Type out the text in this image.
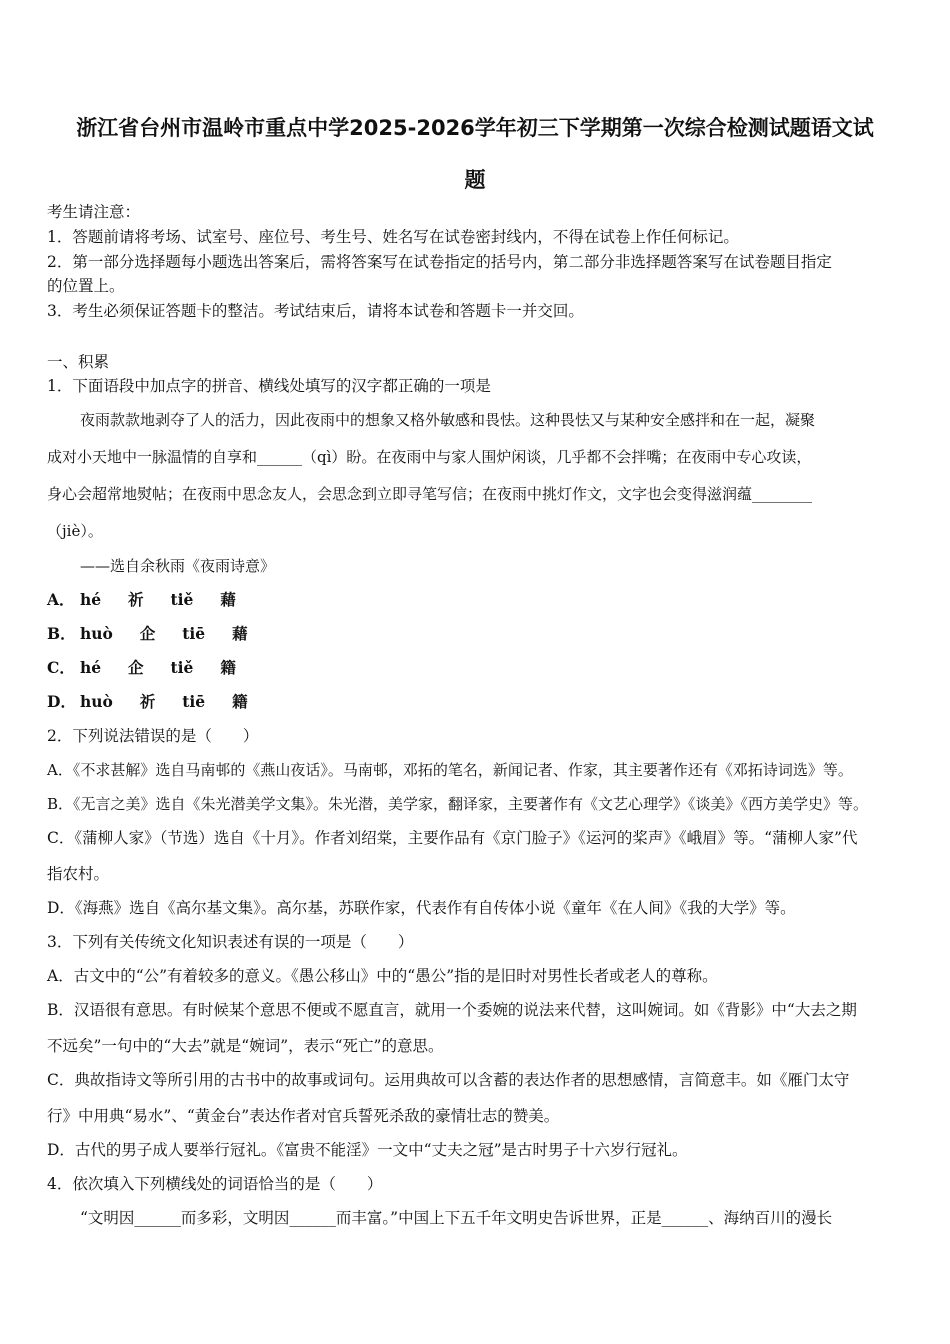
浙江省台州市温岭市重点中学2025-2026学年初三下学期第一次综合检测试题语文试
题
考生请注意：
1．答题前请将考场、试室号、座位号、考生号、姓名写在试卷密封线内，不得在试卷上作任何标记。
2．第一部分选择题每小题选出答案后，需将答案写在试卷指定的括号内，第二部分非选择题答案写在试卷题目指定
的位置上。
3．考生必须保证答题卡的整洁。考试结束后，请将本试卷和答题卡一并交回。
一、积累
1．下面语段中加点字的拼音、横线处填写的汉字都正确的一项是
夜雨款款地剥夺了人的活力，因此夜雨中的想象又格外敏感和畏怯。这种畏怯又与某种安全感拌和在一起，凝聚
成对小天地中一脉温情的自享和______（qì）盼。在夜雨中与家人围炉闲谈，几乎都不会拌嘴；在夜雨中专心攻读，
身心会超常地熨帖；在夜雨中思念友人，会思念到立即寻笔写信；在夜雨中挑灯作文，文字也会变得滋润蕴________
（jiè）。
——选自余秋雨《夜雨诗意》
A． hé 祈 tiě 藉
B． huò 企 tiē 藉
C． hé 企 tiě 籍
D． huò 祈 tiē 籍
2．下列说法错误的是（　　）
A．《不求甚解》选自马南邨的《燕山夜话》。马南邨，邓拓的笔名，新闻记者、作家，其主要著作还有《邓拓诗词选》等。
B．《无言之美》选自《朱光潜美学文集》。朱光潜，美学家，翻译家，主要著作有《文艺心理学》《谈美》《西方美学史》等。
C．《蒲柳人家》（节选）选自《十月》。作者刘绍棠，主要作品有《京门脸子》《运河的桨声》《峨眉》等。“蒲柳人家”代
指农村。
D．《海燕》选自《高尔基文集》。高尔基，苏联作家，代表作有自传体小说《童年《在人间》《我的大学》等。
3．下列有关传统文化知识表述有误的一项是（　　）
A．古文中的“公”有着较多的意义。《愚公移山》中的“愚公”指的是旧时对男性长者或老人的尊称。
B．汉语很有意思。有时候某个意思不便或不愿直言，就用一个委婉的说法来代替，这叫婉词。如《背影》中“大去之期
不远矣”一句中的“大去”就是“婉词”，表示“死亡”的意思。
C．典故指诗文等所引用的古书中的故事或词句。运用典故可以含蓄的表达作者的思想感情，言简意丰。如《雁门太守
行》中用典“易水”、“黄金台”表达作者对官兵誓死杀敌的豪情壮志的赞美。
D．古代的男子成人要举行冠礼。《富贵不能淫》一文中“丈夫之冠”是古时男子十六岁行冠礼。
4．依次填入下列横线处的词语恰当的是（　　）
“文明因______而多彩，文明因______而丰富。”中国上下五千年文明史告诉世界，正是______、海纳百川的漫长
